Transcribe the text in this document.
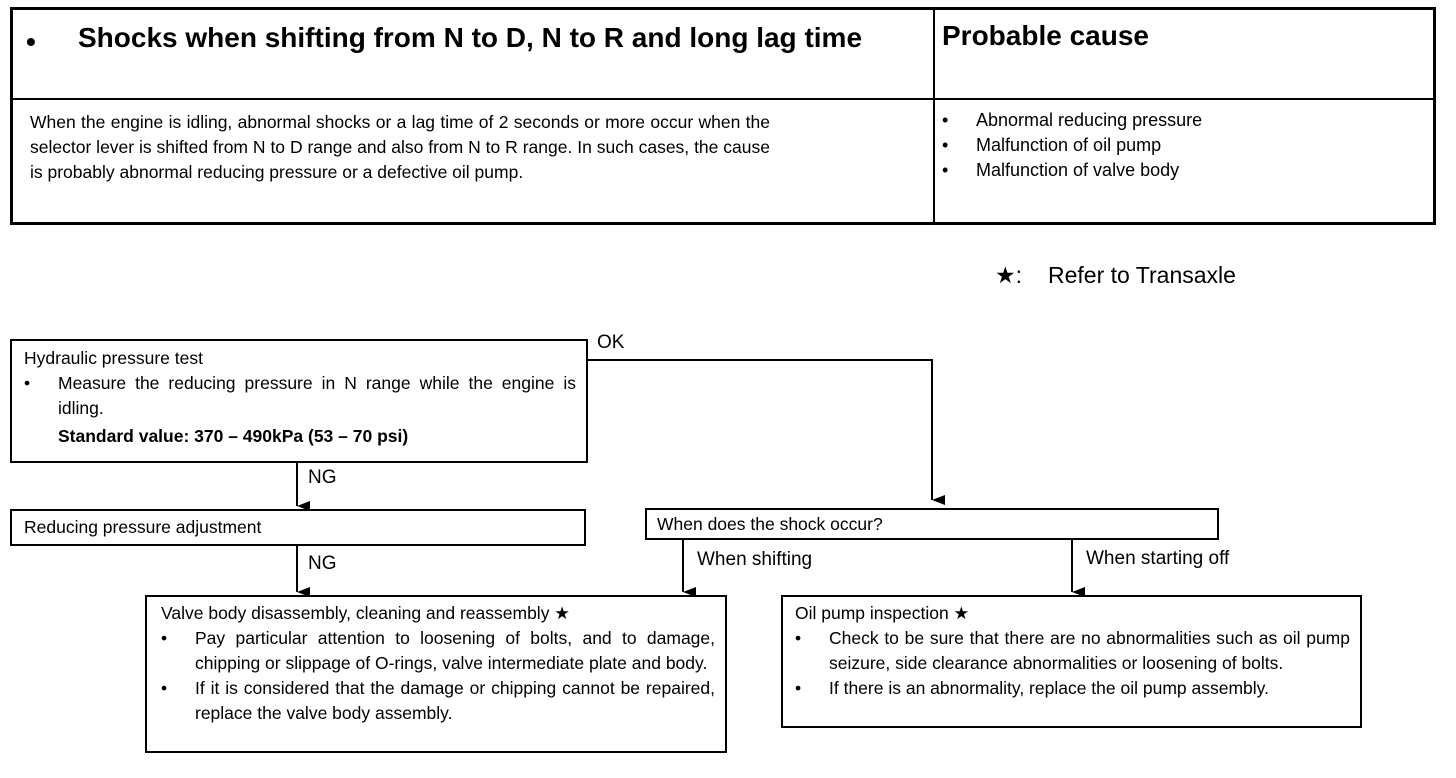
• Shocks when shifting from N to D, N to R and long lag time	Probable cause
When the engine is idling, abnormal shocks or a lag time of 2 seconds or more occur when the selector lever is shifted from N to D range and also from N to R range. In such cases, the cause is probably abnormal reducing pressure or a defective oil pump.
•	Abnormal reducing pressure
•	Malfunction of oil pump
•	Malfunction of valve body
★: Refer to Transaxle
OK
NG
NG	When shifting	When starting off
Hydraulic pressure test
•	Measure the reducing pressure in N range while the engine is idling.
Standard value: 370 – 490kPa (53 – 70 psi)
Reducing pressure adjustment	When does the shock occur?
Valve body disassembly, cleaning and reassembly ★
•	Pay particular attention to loosening of bolts, and to damage, chipping or slippage of O-rings, valve intermediate plate and body.
•	If it is considered that the damage or chipping cannot be repaired, replace the valve body assembly.
Oil pump inspection ★
•	Check to be sure that there are no abnormalities such as oil pump seizure, side clearance abnormalities or loosening of bolts.
•	If there is an abnormality, replace the oil pump assembly.
